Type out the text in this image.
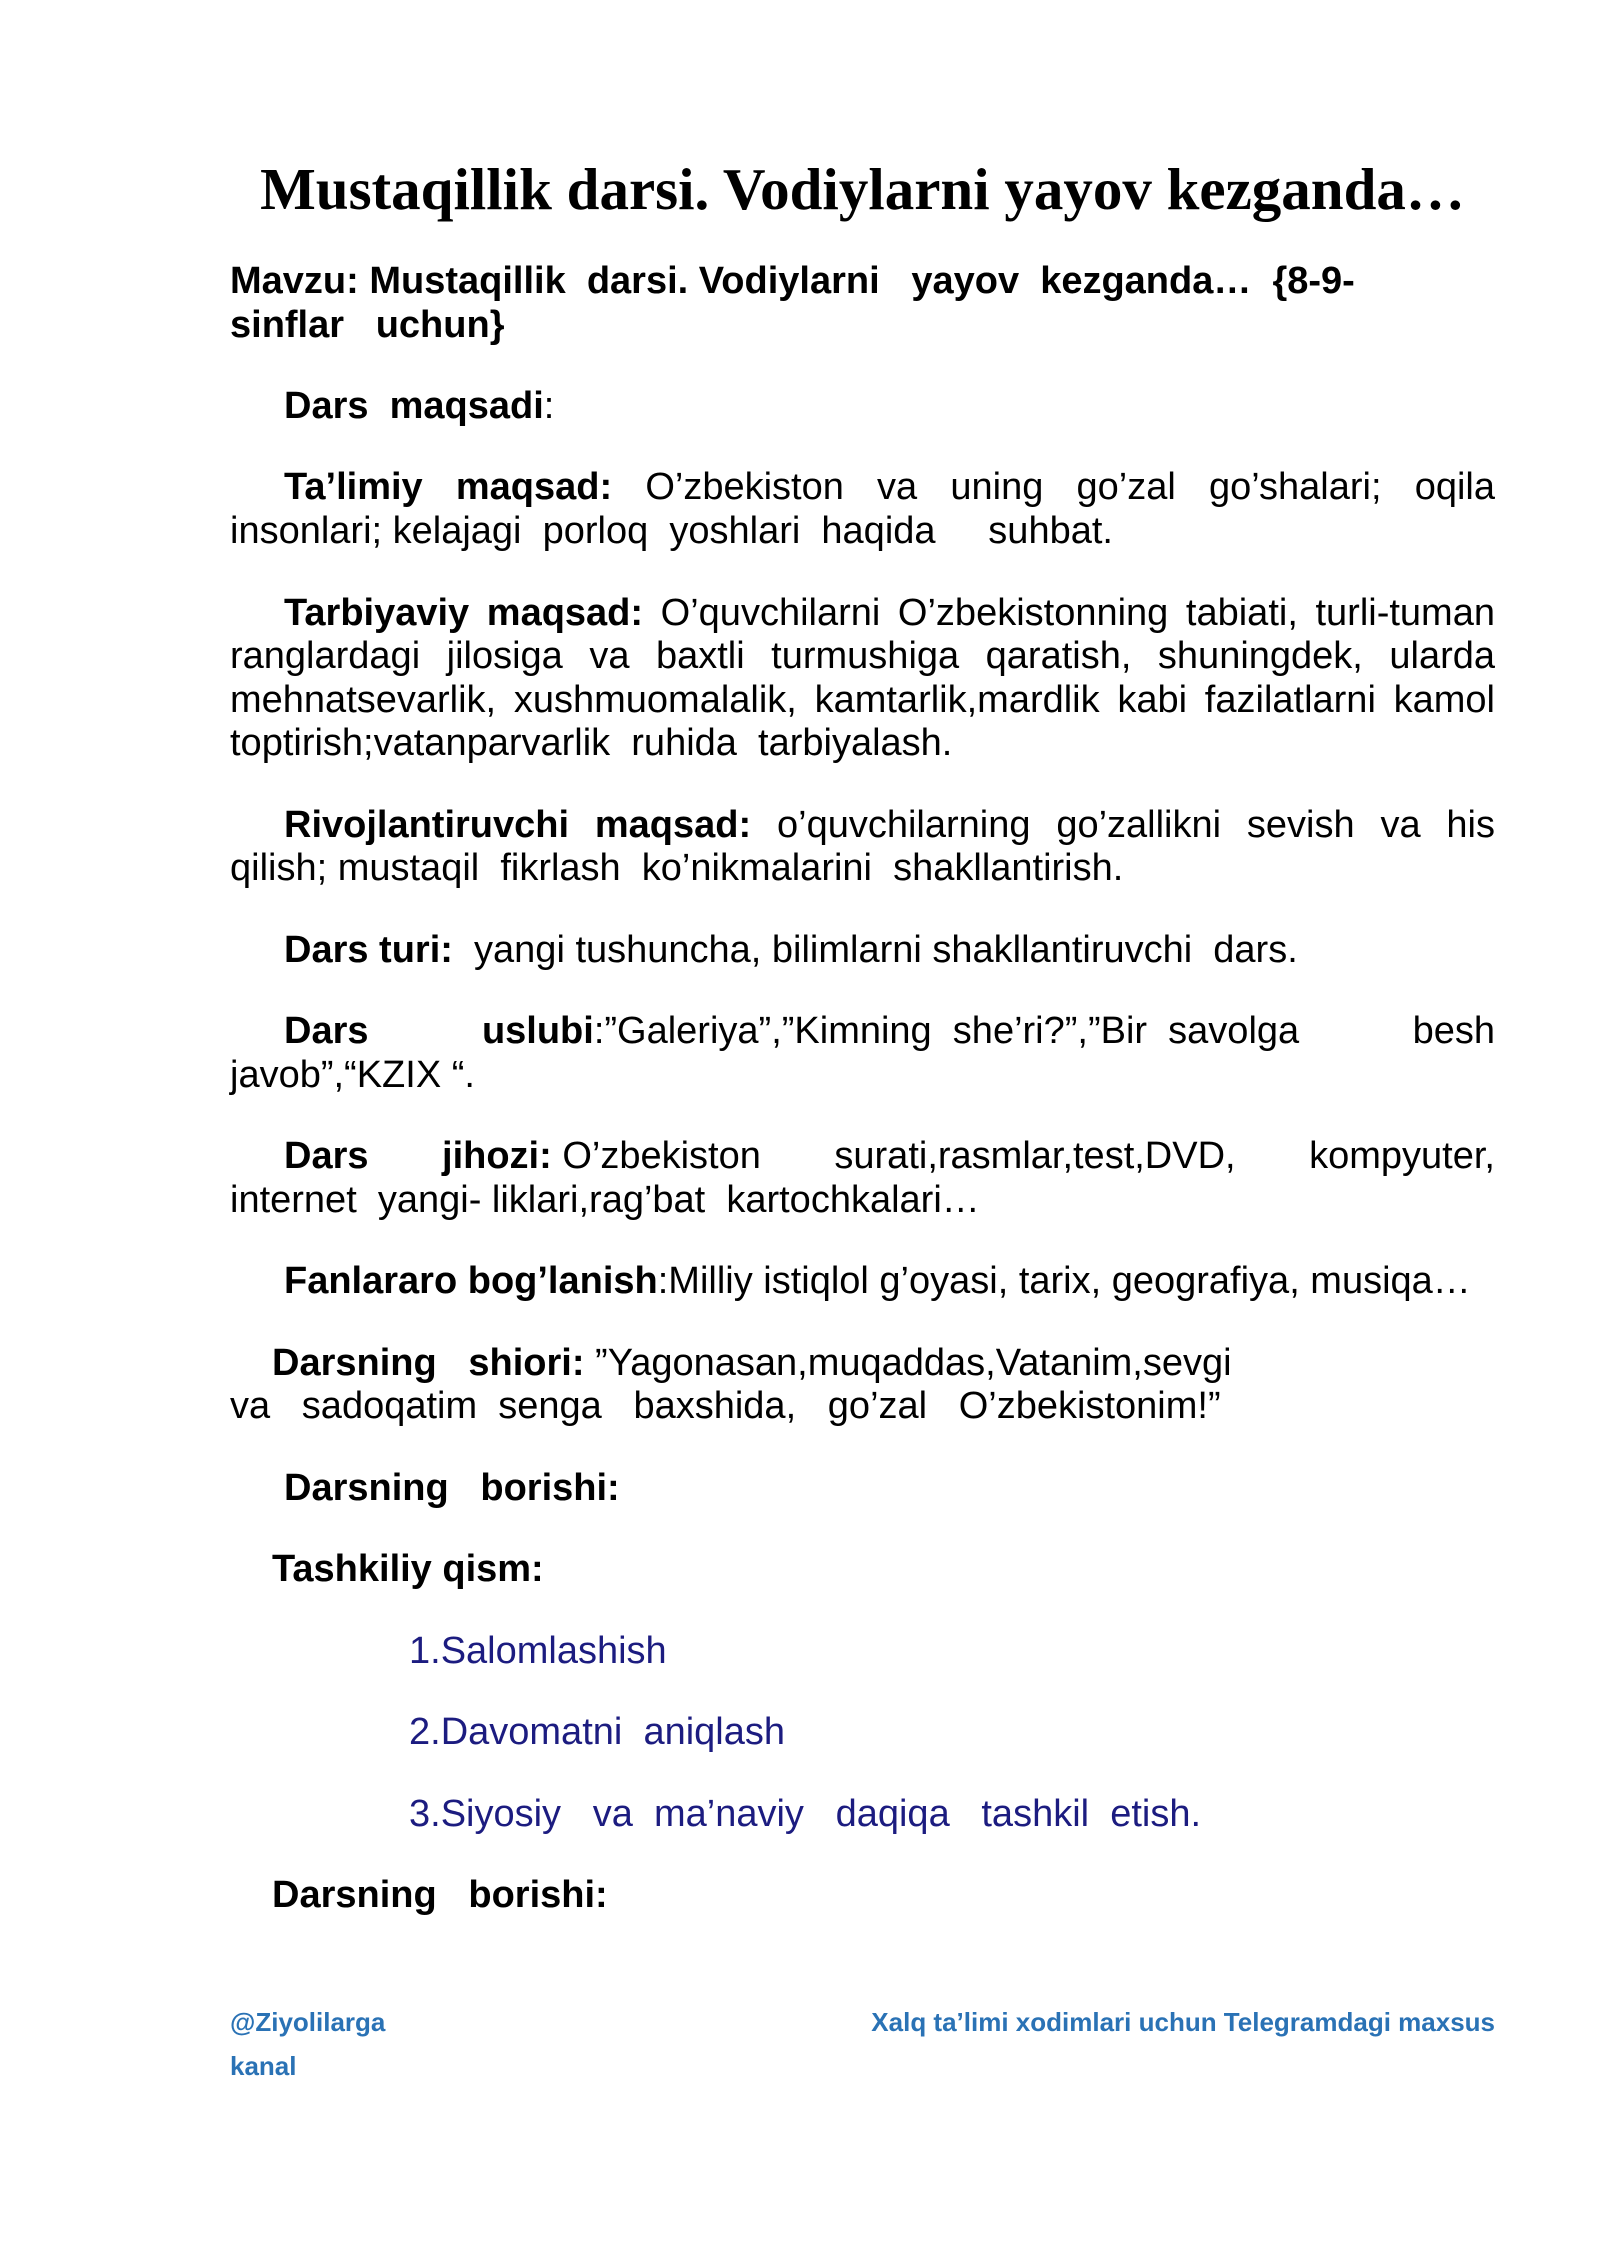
Mustaqillik darsi. Vodiylarni yayov kezganda…
Mavzu: Mustaqillik  darsi. Vodiylarni   yayov  kezganda…  {8-9-
sinflar   uchun}
Dars  maqsadi:
Ta’limiy maqsad: O’zbekiston va uning go’zal go’shalari; oqila
insonlari; kelajagi  porloq  yoshlari  haqida     suhbat.
Tarbiyaviy maqsad: O’quvchilarni O’zbekistonning tabiati, turli-tuman
ranglardagi jilosiga va baxtli turmushiga qaratish, shuningdek, ularda
mehnatsevarlik, xushmuomalalik, kamtarlik,mardlik kabi fazilatlarni kamol
toptirish;vatanparvarlik  ruhida  tarbiyalash.
Rivojlantiruvchi maqsad: o’quvchilarning go’zallikni sevish va his
qilish; mustaqil  fikrlash  ko’nikmalarini  shakllantirish.
Dars turi:  yangi tushuncha, bilimlarni shakllantiruvchi  dars.
Dars	uslubi:”Galeriya”,”Kimning  she’ri?”,”Bir  savolga	besh
javob”,“KZIX “.
Dars jihozi: O’zbekiston surati,rasmlar,test,DVD, kompyuter,
internet  yangi- liklari,rag’bat  kartochkalari…
Fanlararo bog’lanish:Milliy istiqlol g’oyasi, tarix, geografiya, musiqa…
Darsning   shiori: ”Yagonasan,muqaddas,Vatanim,sevgi
va   sadoqatim  senga   baxshida,   go’zal   O’zbekistonim!”
Darsning   borishi:
Tashkiliy qism:
1.Salomlashish
2.Davomatni  aniqlash
3.Siyosiy   va  ma’naviy   daqiqa   tashkil  etish.
Darsning   borishi:
@Ziyolilarga kanal
Xalq ta’limi xodimlari uchun Telegramdagi maxsus
